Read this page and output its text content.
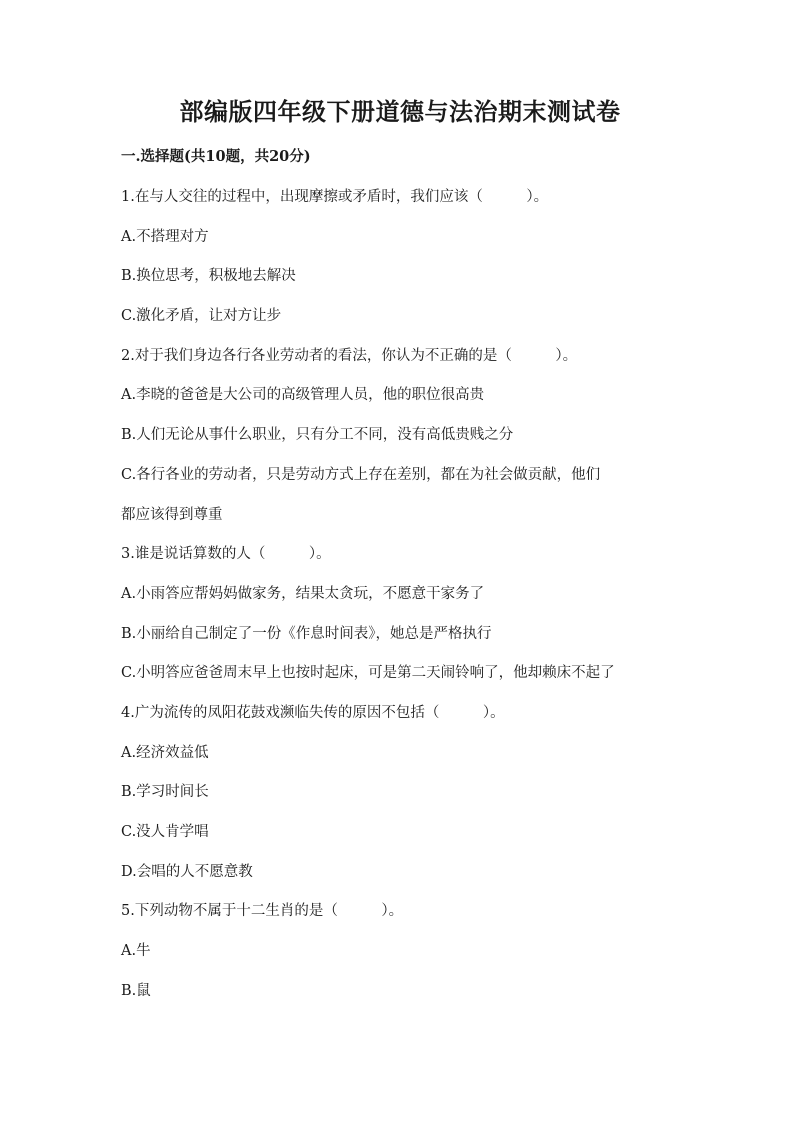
部编版四年级下册道德与法治期末测试卷
一.选择题(共10题，共20分)
1.在与人交往的过程中，出现摩擦或矛盾时，我们应该（　　　）。
A.不搭理对方
B.换位思考，积极地去解决
C.激化矛盾，让对方让步
2.对于我们身边各行各业劳动者的看法，你认为不正确的是（　　　）。
A.李晓的爸爸是大公司的高级管理人员，他的职位很高贵
B.人们无论从事什么职业，只有分工不同，没有高低贵贱之分
C.各行各业的劳动者，只是劳动方式上存在差别，都在为社会做贡献，他们
都应该得到尊重
3.谁是说话算数的人（　　　）。
A.小雨答应帮妈妈做家务，结果太贪玩，不愿意干家务了
B.小丽给自己制定了一份《作息时间表》，她总是严格执行
C.小明答应爸爸周末早上也按时起床，可是第二天闹铃响了，他却赖床不起了
4.广为流传的凤阳花鼓戏濒临失传的原因不包括（　　　）。
A.经济效益低
B.学习时间长
C.没人肯学唱
D.会唱的人不愿意教
5.下列动物不属于十二生肖的是（　　　）。
A.牛
B.鼠
